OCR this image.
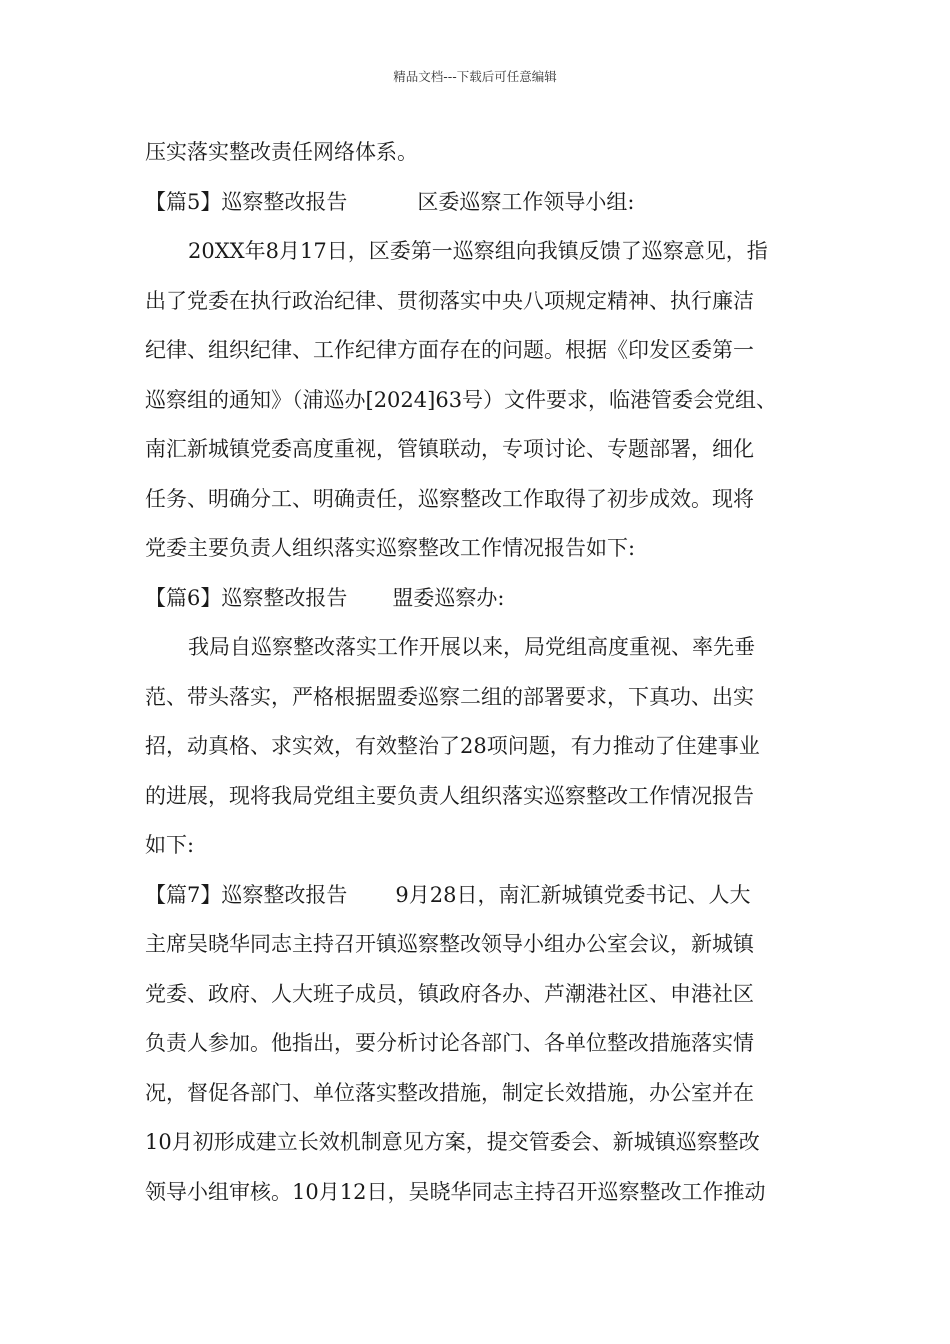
精品文档---下载后可任意编辑
压实落实整改责任网络体系。
【篇5】巡察整改报告	区委巡察工作领导小组:
20XX年8月17日，区委第一巡察组向我镇反馈了巡察意见，指
出了党委在执行政治纪律、贯彻落实中央八项规定精神、执行廉洁
纪律、组织纪律、工作纪律方面存在的问题。根据《印发区委第一
巡察组的通知》（浦巡办[2024]63号）文件要求，临港管委会党组、
南汇新城镇党委高度重视，管镇联动，专项讨论、专题部署，细化
任务、明确分工、明确责任，巡察整改工作取得了初步成效。现将
党委主要负责人组织落实巡察整改工作情况报告如下:
【篇6】巡察整改报告 盟委巡察办:
我局自巡察整改落实工作开展以来，局党组高度重视、率先垂
范、带头落实，严格根据盟委巡察二组的部署要求，下真功、出实
招，动真格、求实效，有效整治了28项问题，有力推动了住建事业
的进展，现将我局党组主要负责人组织落实巡察整改工作情况报告
如下:
【篇7】巡察整改报告 9月28日，南汇新城镇党委书记、人大
主席吴晓华同志主持召开镇巡察整改领导小组办公室会议，新城镇
党委、政府、人大班子成员，镇政府各办、芦潮港社区、申港社区
负责人参加。他指出，要分析讨论各部门、各单位整改措施落实情
况，督促各部门、单位落实整改措施，制定长效措施，办公室并在
10月初形成建立长效机制意见方案，提交管委会、新城镇巡察整改
领导小组审核。10月12日，吴晓华同志主持召开巡察整改工作推动
